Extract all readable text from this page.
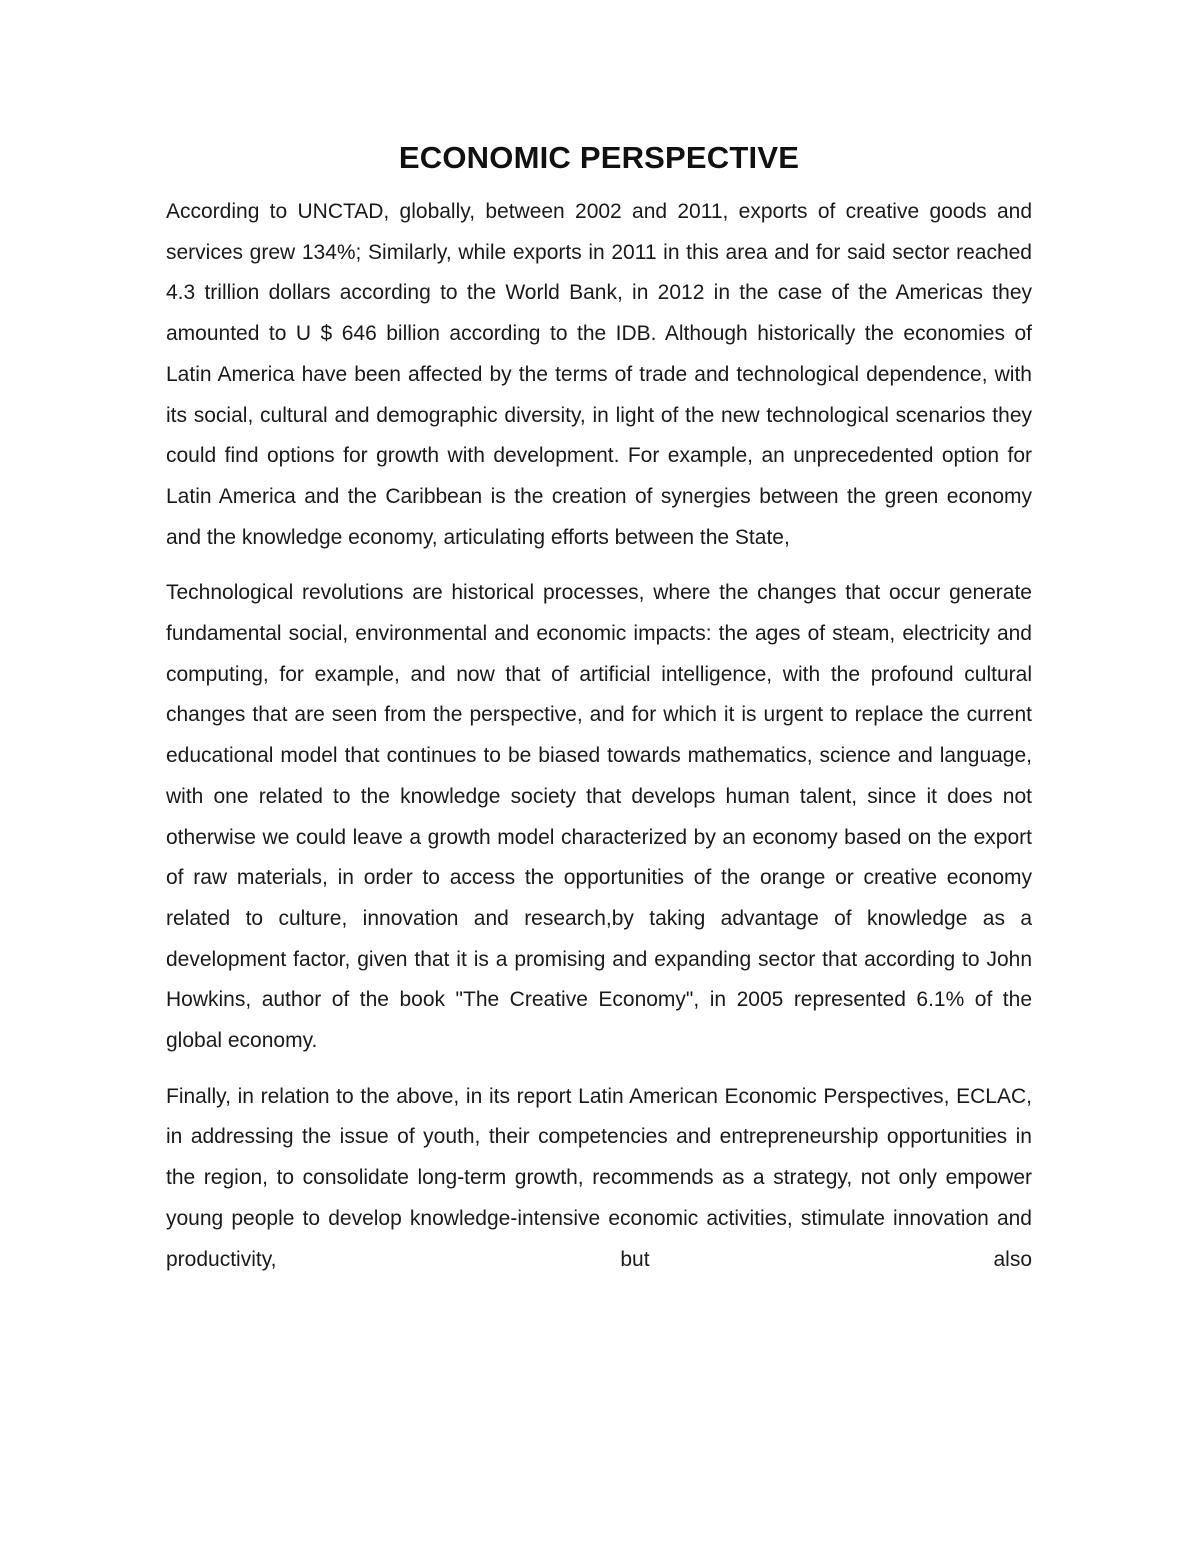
ECONOMIC PERSPECTIVE

According to UNCTAD, globally, between 2002 and 2011, exports of creative goods and services grew 134%; Similarly, while exports in 2011 in this area and for said sector reached 4.3 trillion dollars according to the World Bank, in 2012 in the case of the Americas they amounted to U $ 646 billion according to the IDB. Although historically the economies of Latin America have been affected by the terms of trade and technological dependence, with its social, cultural and demographic diversity, in light of the new technological scenarios they could find options for growth with development. For example, an unprecedented option for Latin America and the Caribbean is the creation of synergies between the green economy and the knowledge economy, articulating efforts between the State,

Technological revolutions are historical processes, where the changes that occur generate fundamental social, environmental and economic impacts: the ages of steam, electricity and computing, for example, and now that of artificial intelligence, with the profound cultural changes that are seen from the perspective, and for which it is urgent to replace the current educational model that continues to be biased towards mathematics, science and language, with one related to the knowledge society that develops human talent, since it does not otherwise we could leave a growth model characterized by an economy based on the export of raw materials, in order to access the opportunities of the orange or creative economy related to culture, innovation and research,by taking advantage of knowledge as a development factor, given that it is a promising and expanding sector that according to John Howkins, author of the book "The Creative Economy", in 2005 represented 6.1% of the global economy.

Finally, in relation to the above, in its report Latin American Economic Perspectives, ECLAC, in addressing the issue of youth, their competencies and entrepreneurship opportunities in the region, to consolidate long-term growth, recommends as a strategy, not only empower young people to develop knowledge-intensive economic activities, stimulate innovation and productivity, but also
